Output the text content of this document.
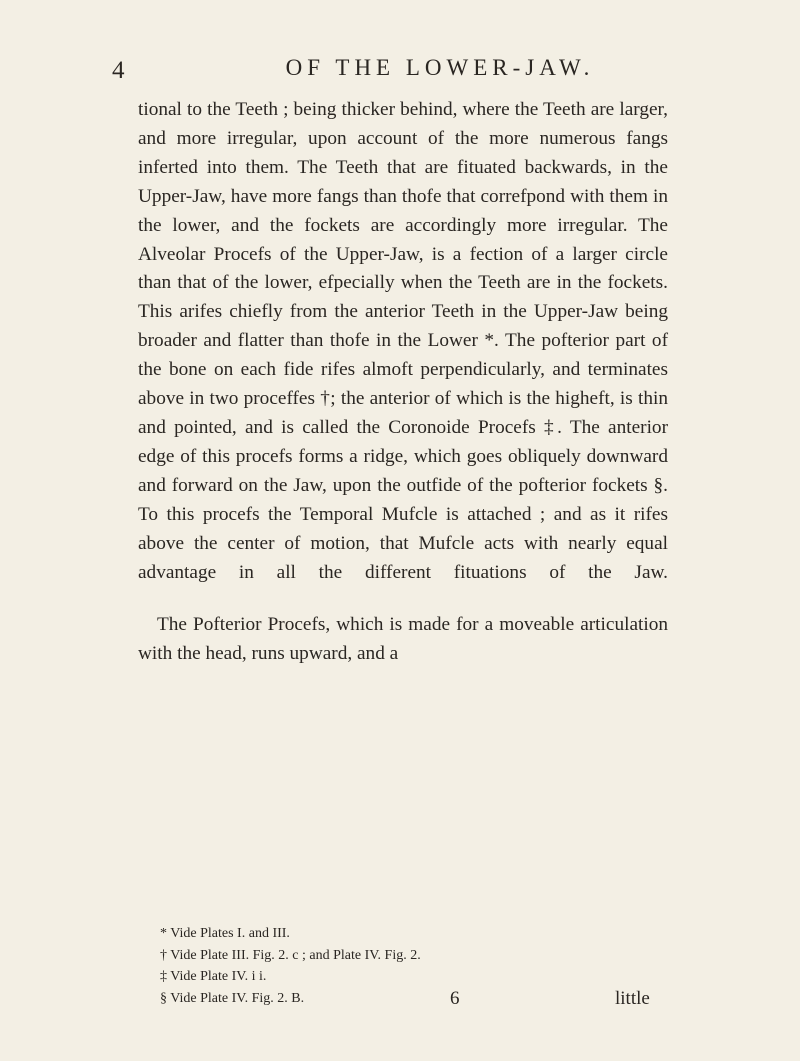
4	OF THE LOWER-JAW.

tional to the Teeth ; being thicker behind, where the Teeth are larger, and more irregular, upon account of the more numerous fangs inferted into them. The Teeth that are fituated backwards, in the Upper-Jaw, have more fangs than thofe that correfpond with them in the lower, and the fockets are accordingly more irregular. The Alveolar Procefs of the Upper-Jaw, is a fection of a larger circle than that of the lower, efpecially when the Teeth are in the fockets. This arifes chiefly from the anterior Teeth in the Upper-Jaw being broader and flatter than thofe in the Lower *. The pofterior part of the bone on each fide rifes almoft perpendicularly, and terminates above in two proceffes †; the anterior of which is the higheft, is thin and pointed, and is called the Coronoide Procefs ‡. The anterior edge of this procefs forms a ridge, which goes obliquely downward and forward on the Jaw, upon the outfide of the pofterior fockets §. To this procefs the Temporal Mufcle is attached ; and as it rifes above the center of motion, that Mufcle acts with nearly equal advantage in all the different fituations of the Jaw.

The Pofterior Procefs, which is made for a moveable articulation with the head, runs upward, and a

* Vide Plates I. and III.
† Vide Plate III. Fig. 2. c ; and Plate IV. Fig. 2.
‡ Vide Plate IV. i i.
§ Vide Plate IV. Fig. 2. B.	6	little
